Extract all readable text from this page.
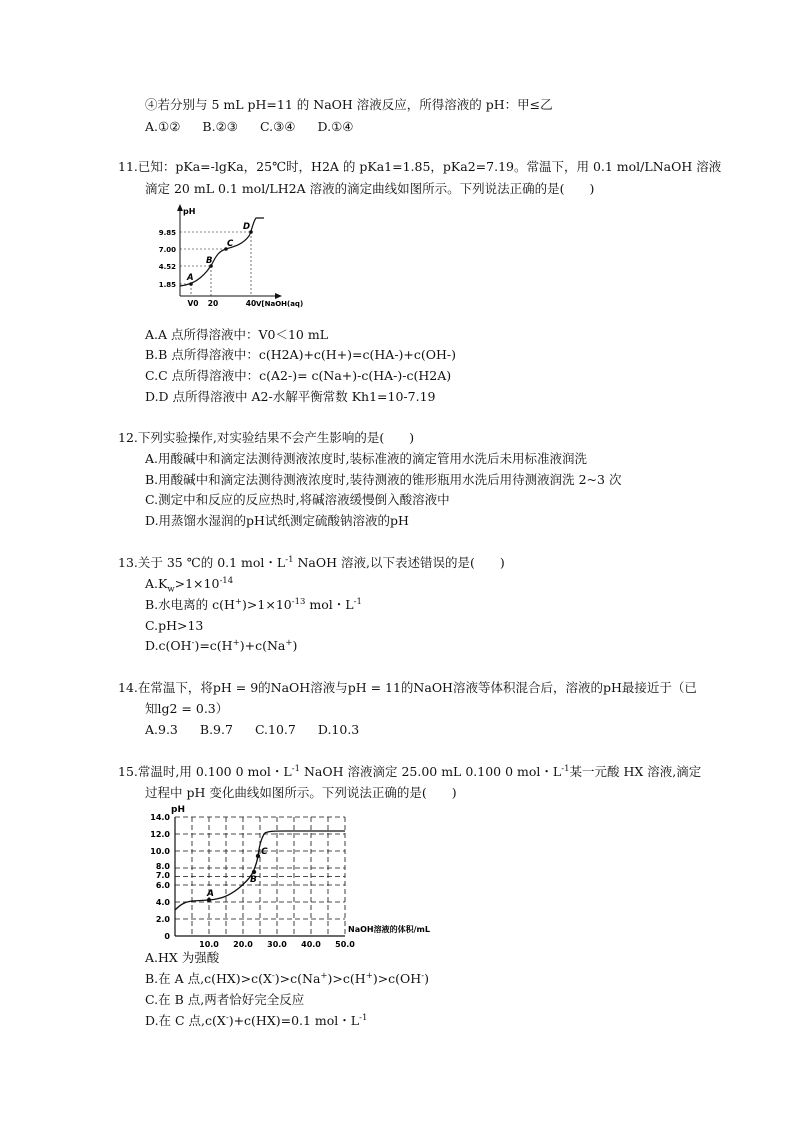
④若分别与 5 mL pH=11 的 NaOH 溶液反应，所得溶液的 pH：甲≤乙
A.①② B.②③ C.③④ D.①④
11.已知：pKa=-lgKa，25℃时，H2A 的 pKa1=1.85，pKa2=7.19。常温下，用 0.1 mol/LNaOH 溶液
滴定 20 mL 0.1 mol/LH2A 溶液的滴定曲线如图所示。下列说法正确的是(　　)
pH
A
B
C
D
9.85
7.00
4.52
1.85
V0 20	40 V[NaOH(aq)
A.A 点所得溶液中：V0＜10 mL
B.B 点所得溶液中：c(H2A)+c(H+)=c(HA-)+c(OH-)
C.C 点所得溶液中：c(A2-)= c(Na+)-c(HA-)-c(H2A)
D.D 点所得溶液中 A2-水解平衡常数 Kh1=10-7.19
12.下列实验操作,对实验结果不会产生影响的是(　　)
A.用酸碱中和滴定法测待测液浓度时,装标准液的滴定管用水洗后未用标准液润洗
B.用酸碱中和滴定法测待测液浓度时,装待测液的锥形瓶用水洗后用待测液润洗 2~3 次
C.测定中和反应的反应热时,将碱溶液缓慢倒入酸溶液中
D.用蒸馏水湿润的pH试纸测定硫酸钠溶液的pH
13.关于 35 ℃的 0.1 mol・$L^{-1}$ NaOH 溶液,以下表述错误的是(　　)
$A.K_w>1\times 10^{-14}$
B.水电离的 $c(H^+)>1\times 10^{-13}$ mol・$L^{-1}$
C.pH>13
D.c(OH-)=c(H+)+c(Na+)
14.在常温下，将pH = 9的NaOH溶液与pH = 11的NaOH溶液等体积混合后，溶液的pH最接近于（已
知lg2 = 0.3）
A.9.3 B.9.7 C.10.7 D.10.3
15.常温时,用 0.100 0 mol・$L^{-1}$ NaOH 溶液滴定 25.00 mL 0.100 0 mol・$L^{-1}$某一元酸 HX 溶液,滴定
过程中 pH 变化曲线如图所示。下列说法正确的是(　　)
pH
A
B
C
14.0
12.0
10.0
8.0
7.0
6.0
4.0
2.0
0
10.0 20.0 30.0 40.0 50.0
NaOH溶液的体积/mL
A.HX 为强酸
B.在 A 点,c(HX)>c(X-)>c(Na+)>c(H+)>c(OH-)
C.在 B 点,两者恰好完全反应
D.在 C 点,c(X-)+c(HX)=0.1 mol・$L^{-1}$
